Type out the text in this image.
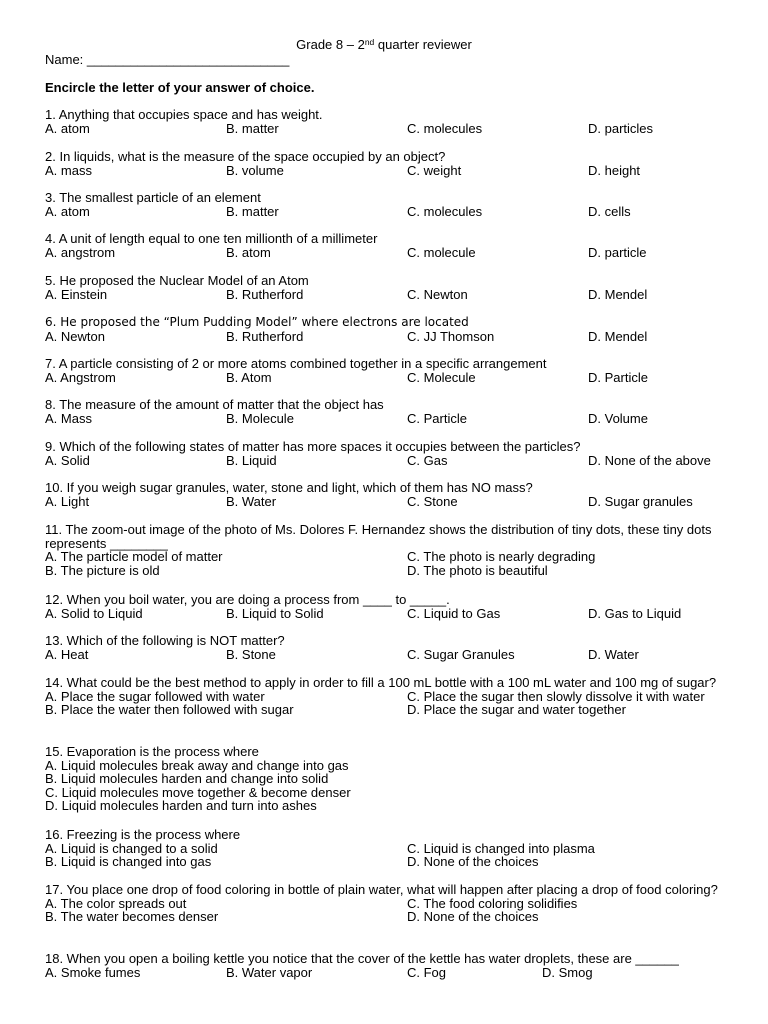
Grade 8 – 2nd quarter reviewer
Name: ____________________________
Encircle the letter of your answer of choice.
1. Anything that occupies space and has weight.
A. atom	B. matter	C. molecules	D. particles
2. In liquids, what is the measure of the space occupied by an object?
A. mass	B. volume	C. weight	D. height
3. The smallest particle of an element
A. atom	B. matter	C. molecules	D. cells
4. A unit of length equal to one ten millionth of a millimeter
A. angstrom	B. atom	C. molecule	D. particle
5. He proposed the Nuclear Model of an Atom
A. Einstein	B. Rutherford	C. Newton	D. Mendel
6. He proposed the “Plum Pudding Model” where electrons are located
A. Newton	B. Rutherford	C. JJ Thomson	D. Mendel
7. A particle consisting of 2 or more atoms combined together in a specific arrangement
A. Angstrom	B. Atom	C. Molecule	D. Particle
8. The measure of the amount of matter that the object has
A. Mass	B. Molecule	C. Particle	D. Volume
9. Which of the following states of matter has more spaces it occupies between the particles?
A. Solid	B. Liquid	C. Gas	D. None of the above
10. If you weigh sugar granules, water, stone and light, which of them has NO mass?
A. Light	B. Water	C. Stone	D. Sugar granules
11. The zoom-out image of the photo of Ms. Dolores F. Hernandez shows the distribution of tiny dots, these tiny dots represents ________
A. The particle model of matter	C. The photo is nearly degrading
B. The picture is old	D. The photo is beautiful
12. When you boil water, you are doing a process from ____ to _____.
A. Solid to Liquid	B. Liquid to Solid	C. Liquid to Gas	D. Gas to Liquid
13. Which of the following is NOT matter?
A. Heat	B. Stone	C. Sugar Granules	D. Water
14. What could be the best method to apply in order to fill a 100 mL bottle with a 100 mL water and 100 mg of sugar?
A. Place the sugar followed with water	C. Place the sugar then slowly dissolve it with water
B. Place the water then followed with sugar	D. Place the sugar and water together
15. Evaporation is the process where
A. Liquid molecules break away and change into gas
B. Liquid molecules harden and change into solid
C. Liquid molecules move together & become denser
D. Liquid molecules harden and turn into ashes
16. Freezing is the process where
A. Liquid is changed to a solid	C. Liquid is changed into plasma
B. Liquid is changed into gas	D. None of the choices
17. You place one drop of food coloring in bottle of plain water, what will happen after placing a drop of food coloring?
A. The color spreads out	C. The food coloring solidifies
B. The water becomes denser	D. None of the choices
18. When you open a boiling kettle you notice that the cover of the kettle has water droplets, these are ______
A. Smoke fumes	B. Water vapor	C. Fog	D. Smog
